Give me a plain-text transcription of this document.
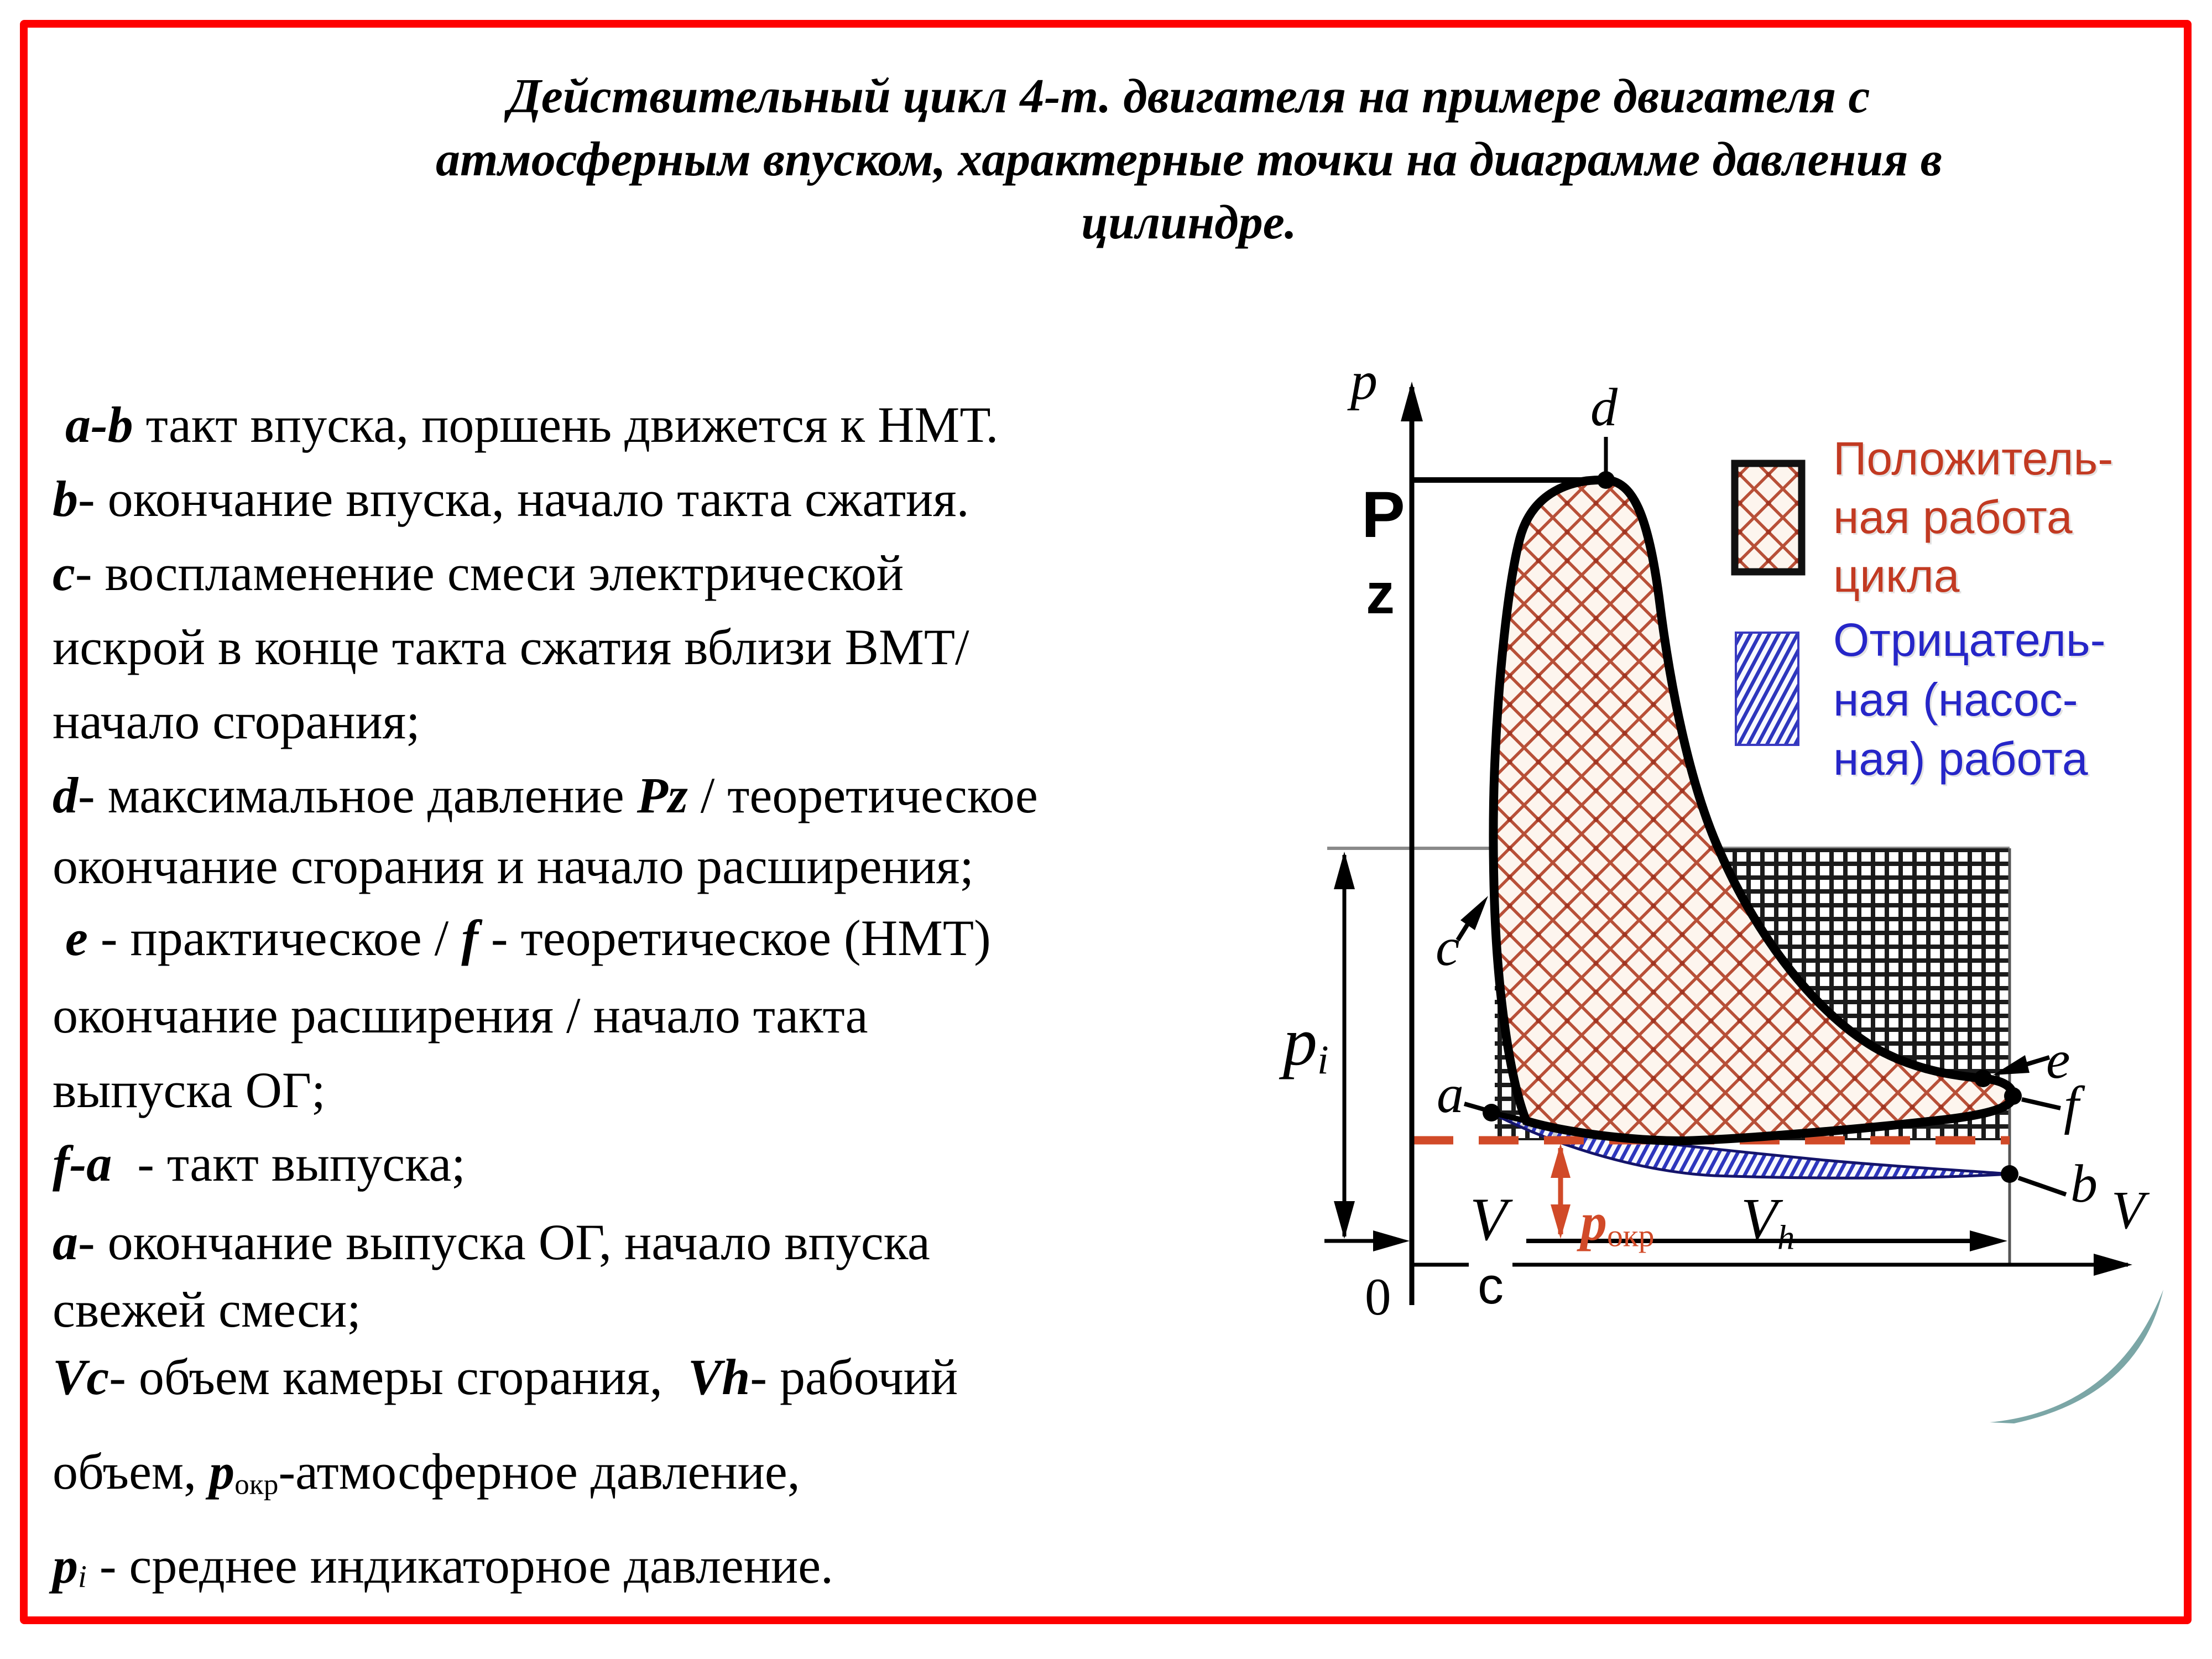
Действительный цикл 4-т. двигателя на примере двигателя с
атмосферным впуском, характерные точки на диаграмме давления в
цилиндре.
a-b такт впуска, поршень движется к НМТ.
b- окончание впуска, начало такта сжатия.
c- воспламенение смеси электрической
искрой в конце такта сжатия вблизи ВМТ/
начало сгорания;
d- максимальное давление Pz / теоретическое
окончание сгорания и начало расширения;
e - практическое / f - теоретическое (НМТ)
окончание расширения / начало такта
выпуска ОГ;
f-a  - такт выпуска;
a- окончание выпуска ОГ, начало впуска
свежей смеси;
Vc- объем камеры сгорания,  Vh- рабочий
объем, pокр-атмосферное давление,
pi - среднее индикаторное давление.
p
V
0
P
z
d
c
a
e
f
b
$p_i$
pокр $V_h$
V
c
Положитель-
ная работа
цикла
Отрицатель-
ная (насос-
ная) работа
